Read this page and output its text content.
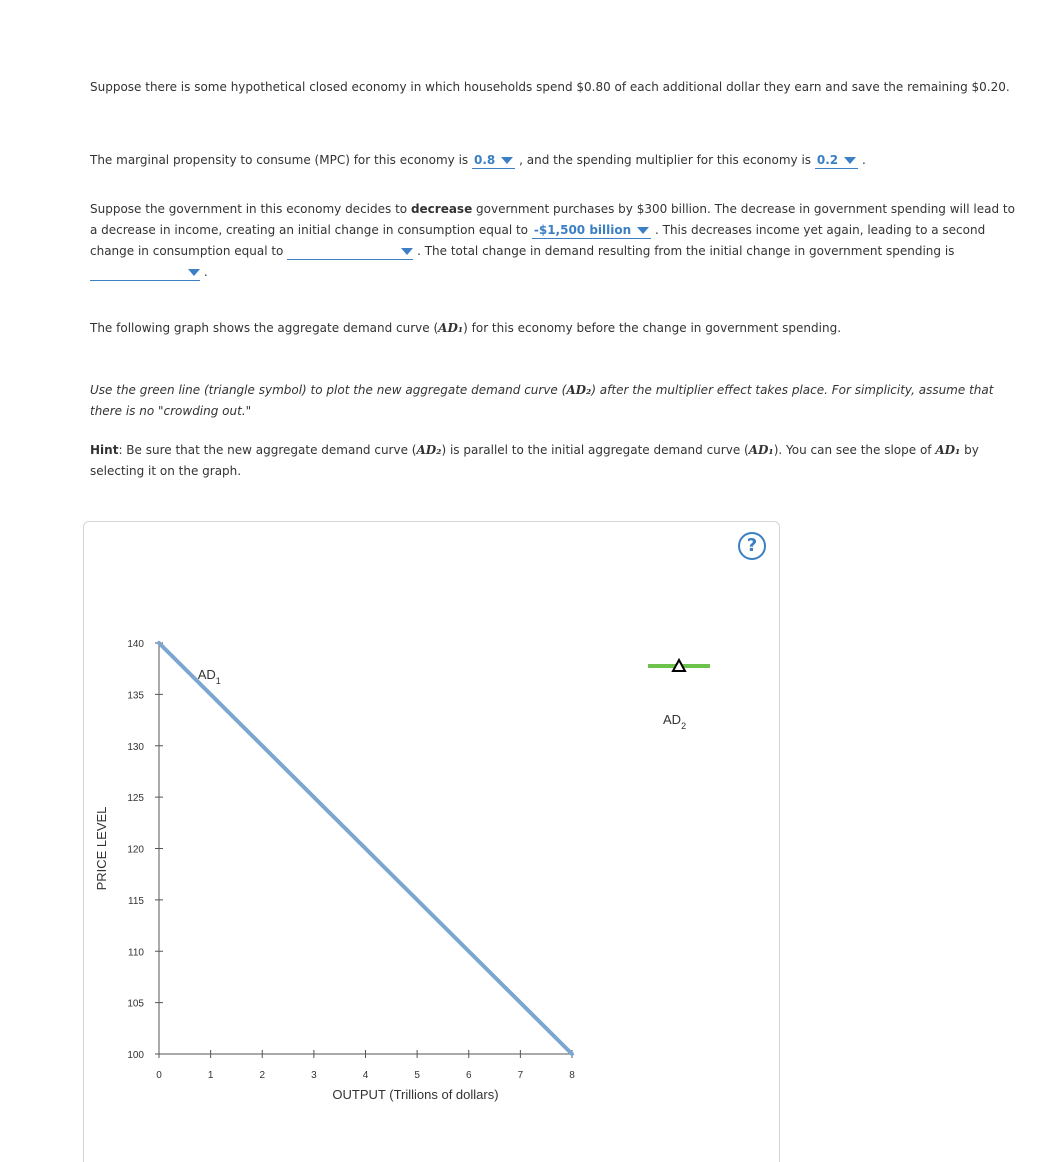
Suppose there is some hypothetical closed economy in which households spend $0.80 of each additional dollar they earn and save the remaining $0.20.
The marginal propensity to consume (MPC) for this economy is 0.8 , and the spending multiplier for this economy is 0.2 .
Suppose the government in this economy decides to decrease government purchases by $300 billion. The decrease in government spending will lead to a decrease in income, creating an initial change in consumption equal to -$1,500 billion . This decreases income yet again, leading to a second change in consumption equal to	. The total change in demand resulting from the initial change in government spending is
.
The following graph shows the aggregate demand curve (AD₁) for this economy before the change in government spending.
Use the green line (triangle symbol) to plot the new aggregate demand curve (AD₂) after the multiplier effect takes place. For simplicity, assume that there is no "crowding out."
Hint: Be sure that the new aggregate demand curve (AD₂) is parallel to the initial aggregate demand curve (AD₁). You can see the slope of AD₁ by selecting it on the graph.
?
100
105
110
115
120
125
130
135
140
0	1	2	3	4	5	6	7	8
$AD_1$
PRICE LEVEL
OUTPUT (Trillions of dollars)
$AD_2$
